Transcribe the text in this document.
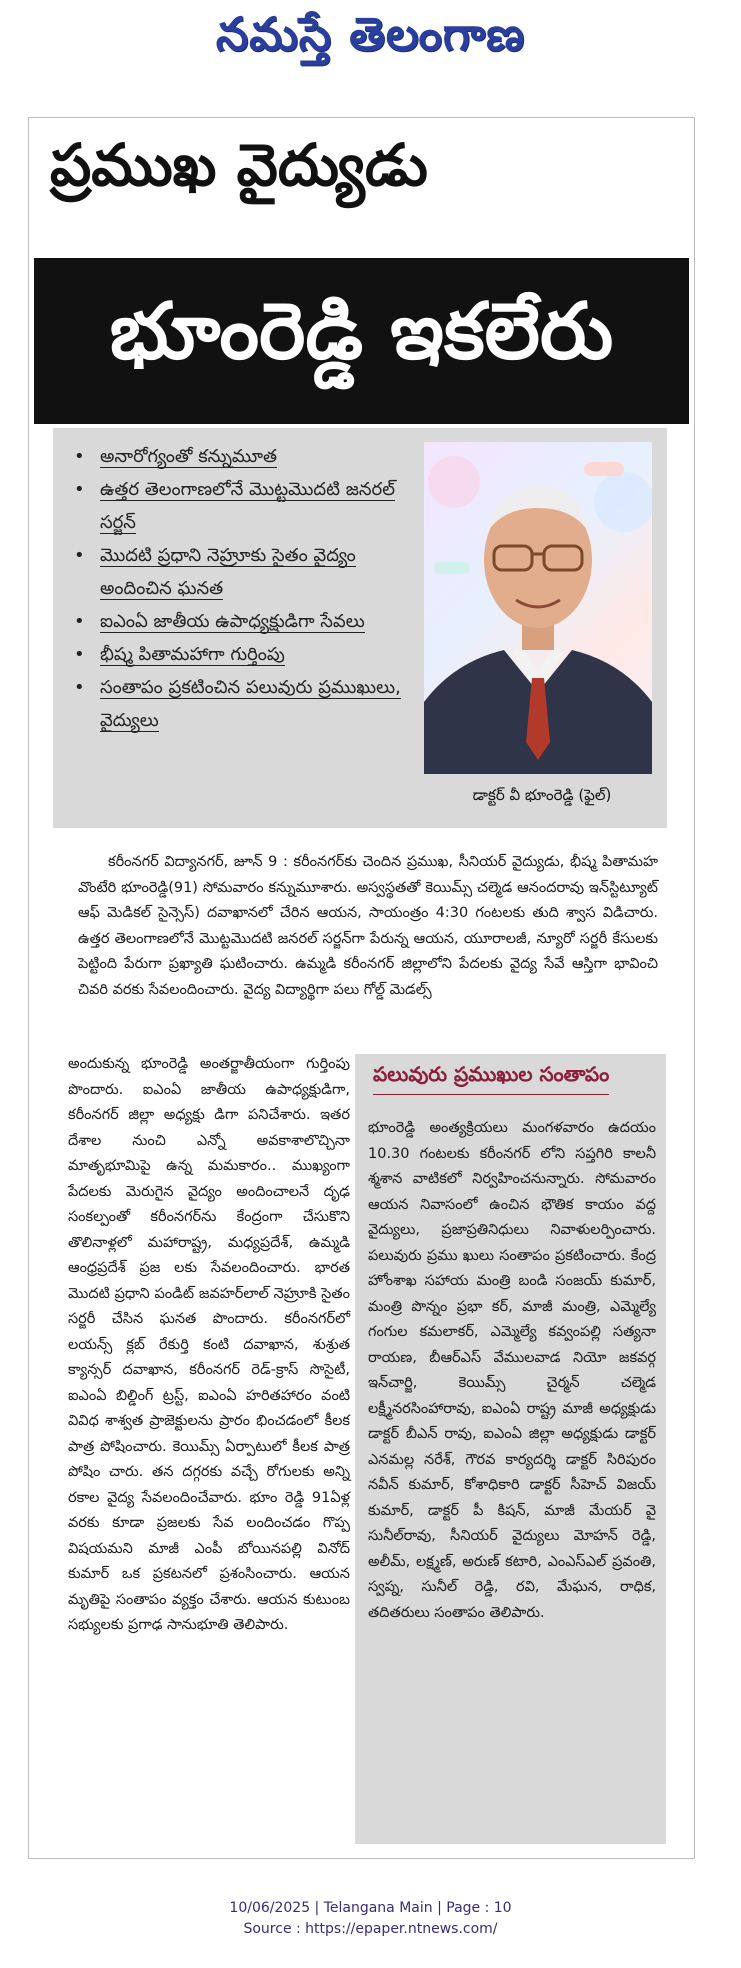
నమస్తే తెలంగాణ
ప్రముఖ వైద్యుడు
భూంరెడ్డి ఇకలేరు
• అనారోగ్యంతో కన్నుమూత
• ఉత్తర తెలంగాణలోనే మొట్టమొదటి జనరల్ సర్జన్
• మొదటి ప్రధాని నెహ్రూకు సైతం వైద్యం అందించిన ఘనత
• ఐఎంఏ జాతీయ ఉపాధ్యక్షుడిగా సేవలు
• భీష్మ పితామహాగా గుర్తింపు
• సంతాపం ప్రకటించిన పలువురు ప్రముఖులు, వైద్యులు
డాక్టర్ వీ భూంరెడ్డి (ఫైల్)
కరీంనగర్ విద్యానగర్, జూన్ 9 : కరీంనగర్‌కు చెందిన ప్రముఖ, సీనియర్ వైద్యుడు, భీష్మ పితామహ వొంటేరి భూంరెడ్డి(91) సోమవారం కన్నుమూశారు. అస్వస్థతతో కెయిమ్స్ చల్మెడ ఆనందరావు ఇన్‌స్టిట్యూట్ ఆఫ్ మెడికల్ సైన్సెస్) దవాఖానలో చేరిన ఆయన, సాయంత్రం 4:30 గంటలకు తుది శ్వాస విడిచారు. ఉత్తర తెలంగాణలోనే మొట్టమొదటి జనరల్ సర్జన్‌గా పేరున్న ఆయన, యూరాలజీ, న్యూరో సర్జరీ కేసులకు పెట్టింది పేరుగా ప్రఖ్యాతి ఘటించారు. ఉమ్మడి కరీంనగర్ జిల్లాలోని పేదలకు వైద్య సేవే ఆస్తిగా భావించి చివరి వరకు సేవలందించారు. వైద్య విద్యార్థిగా పలు గోల్డ్ మెడల్స్
అందుకున్న భూంరెడ్డి అంతర్జాతీయంగా గుర్తింపు పొందారు. ఐఎంఏ జాతీయ ఉపాధ్యక్షుడిగా, కరీంనగర్ జిల్లా అధ్యక్షు డిగా పనిచేశారు. ఇతర దేశాల నుంచి ఎన్నో అవకాశాలొచ్చినా మాతృభూమిపై ఉన్న మమకారం.. ముఖ్యంగా పేదలకు మెరుగైన వైద్యం అందించాలనే దృఢ సంకల్పంతో కరీంనగర్‌ను కేంద్రంగా చేసుకొని తొలినాళ్లలో మహారాష్ట్ర, మధ్యప్రదేశ్, ఉమ్మడి ఆంధ్రప్రదేశ్ ప్రజ లకు సేవలందించారు. భారత మొదటి ప్రధాని పండిట్ జవహర్‌లాల్ నెహ్రూకి సైతం సర్జరీ చేసిన ఘనత పొందారు. కరీంనగర్‌లో లయన్స్ క్లబ్ రేకుర్తి కంటి దవాఖాన, శుశ్రుత క్యాన్సర్ దవాఖాన, కరీంనగర్ రెడ్-క్రాస్ సొసైటీ, ఐఎంఏ బిల్డింగ్ ట్రస్ట్, ఐఎంఏ హరితహారం వంటి వివిధ శాశ్వత ప్రాజెక్టులను ప్రారం భించడంలో కీలక పాత్ర పోషించారు. కెయిమ్స్ ఏర్పాటులో కీలక పాత్ర పోషిం చారు. తన దగ్గరకు వచ్చే రోగులకు అన్ని రకాల వైద్య సేవలందించేవారు. భూం రెడ్డి 91ఏళ్ల వరకు కూడా ప్రజలకు సేవ లందించడం గొప్ప విషయమని మాజీ ఎంపీ బోయినపల్లి వినోద్ కుమార్ ఒక ప్రకటనలో ప్రశంసించారు. ఆయన మృతిపై సంతాపం వ్యక్తం చేశారు. ఆయన కుటుంబ సభ్యులకు ప్రగాఢ సానుభూతి తెలిపారు.
పలువురు ప్రముఖుల సంతాపం
భూంరెడ్డి అంత్యక్రియలు మంగళవారం ఉదయం 10.30 గంటలకు కరీంనగర్ లోని సప్తగిరి కాలనీ శ్మశాన వాటికలో నిర్వహించనున్నారు. సోమవారం ఆయన నివాసంలో ఉంచిన భౌతిక కాయం వద్ద వైద్యులు, ప్రజాప్రతినిధులు నివాళులర్పించారు. పలువురు ప్రము ఖులు సంతాపం ప్రకటించారు. కేంద్ర హోంశాఖ సహాయ మంత్రి బండి సంజయ్ కుమార్, మంత్రి పొన్నం ప్రభా కర్, మాజీ మంత్రి, ఎమ్మెల్యే గంగుల కమలాకర్, ఎమ్మెల్యే కవ్వంపల్లి సత్యనా రాయణ, బీఆర్‌ఎస్ వేములవాడ నియో జకవర్గ ఇన్‌చార్జి, కెయిమ్స్ చైర్మన్ చల్మెడ లక్ష్మీనరసింహారావు, ఐఎంఏ రాష్ట్ర మాజీ అధ్యక్షుడు డాక్టర్ బీఎన్ రావు, ఐఎంఏ జిల్లా అధ్యక్షుడు డాక్టర్ ఎనమల్ల నరేశ్, గౌరవ కార్యదర్శి డాక్టర్ సిరిపురం నవీన్ కుమార్, కోశాధికారి డాక్టర్ సీహెచ్ విజయ్ కుమార్, డాక్టర్ పీ కిషన్, మాజీ మేయర్ వై సునీల్‌రావు, సీనియర్ వైద్యులు మోహన్ రెడ్డి, అలీమ్, లక్ష్మణ్, అరుణ్ కటారి, ఎంఎస్‌ఎల్ ప్రవంతి, స్వప్న, సునీల్ రెడ్డి, రవి, మేఘన, రాధిక, తదితరులు సంతాపం తెలిపారు.
10/06/2025 | Telangana Main | Page : 10
Source : https://epaper.ntnews.com/
